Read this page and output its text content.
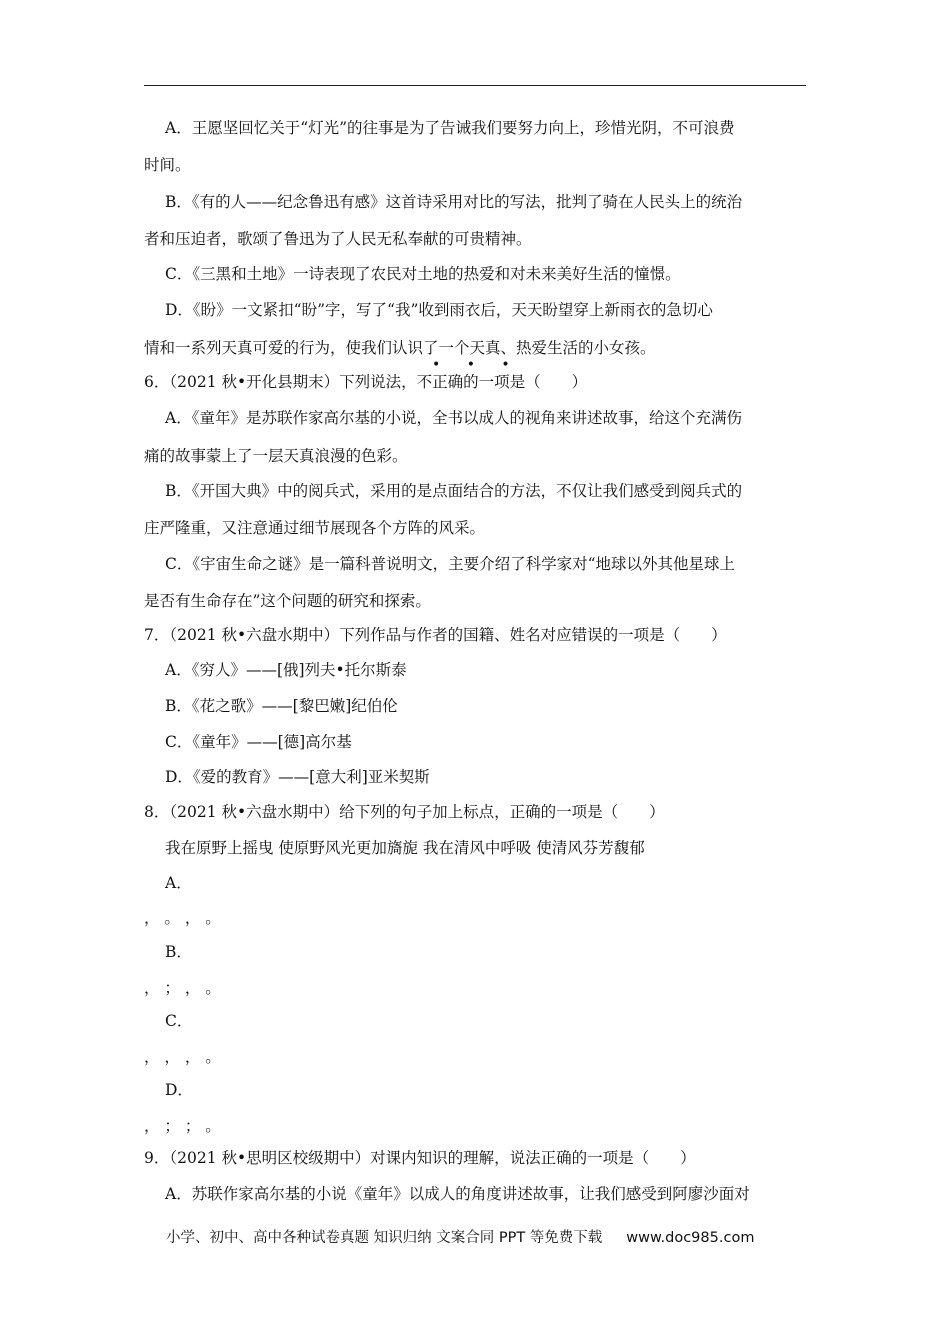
A．王愿坚回忆关于“灯光”的往事是为了告诫我们要努力向上，珍惜光阴，不可浪费
时间。
B．《有的人——纪念鲁迅有感》这首诗采用对比的写法，批判了骑在人民头上的统治
者和压迫者，歌颂了鲁迅为了人民无私奉献的可贵精神。
C．《三黑和土地》一诗表现了农民对土地的热爱和对未来美好生活的憧憬。
D．《盼》一文紧扣“盼”字，写了“我”收到雨衣后，天天盼望穿上新雨衣的急切心
情和一系列天真可爱的行为，使我们认识了一个天真、热爱生活的小女孩。
6．（2021 秋•开化县期末）下列说法，不正确的一项是（　　）
A．《童年》是苏联作家高尔基的小说，全书以成人的视角来讲述故事，给这个充满伤
痛的故事蒙上了一层天真浪漫的色彩。
B．《开国大典》中的阅兵式，采用的是点面结合的方法，不仅让我们感受到阅兵式的
庄严隆重，又注意通过细节展现各个方阵的风采。
C．《宇宙生命之谜》是一篇科普说明文，主要介绍了科学家对“地球以外其他星球上
是否有生命存在”这个问题的研究和探索。
7．（2021 秋•六盘水期中）下列作品与作者的国籍、姓名对应错误的一项是（　　）
A．《穷人》——[俄]列夫•托尔斯泰
B．《花之歌》——[黎巴嫩]纪伯伦
C．《童年》——[德]高尔基
D．《爱的教育》——[意大利]亚米契斯
8．（2021 秋•六盘水期中）给下列的句子加上标点，正确的一项是（　　）
我在原野上摇曳 使原野风光更加旖旎 我在清风中呼吸 使清风芬芳馥郁
A．
， 。 ， 。
B．
， ； ， 。
C．
， ， ， 。
D．
， ； ； 。
9．（2021 秋•思明区校级期中）对课内知识的理解，说法正确的一项是（　　）
A．苏联作家高尔基的小说《童年》以成人的角度讲述故事，让我们感受到阿廖沙面对
• • •
小学、初中、高中各种试卷真题 知识归纳 文案合同 PPT 等免费下载 www.doc985.com
